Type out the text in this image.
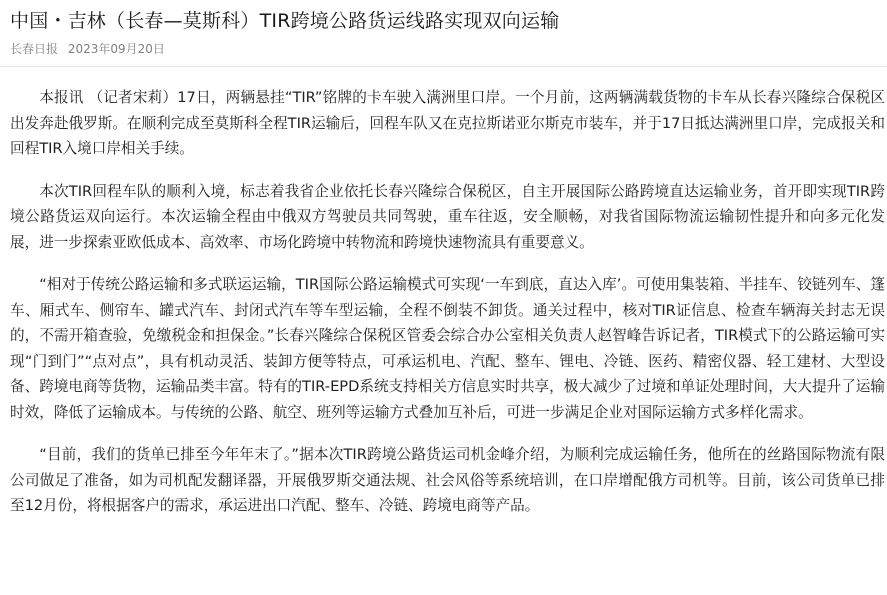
中国・吉林（长春—莫斯科）TIR跨境公路货运线路实现双向运输
长春日报 2023年09月20日

本报讯 （记者宋莉）17日，两辆悬挂“TIR”铭牌的卡车驶入满洲里口岸。一个月前，这两辆满载货物的卡车从长春兴隆综合保税区出发奔赴俄罗斯。在顺利完成至莫斯科全程TIR运输后，回程车队又在克拉斯诺亚尔斯克市装车，并于17日抵达满洲里口岸，完成报关和回程TIR入境口岸相关手续。

本次TIR回程车队的顺利入境，标志着我省企业依托长春兴隆综合保税区，自主开展国际公路跨境直达运输业务，首开即实现TIR跨境公路货运双向运行。本次运输全程由中俄双方驾驶员共同驾驶，重车往返，安全顺畅，对我省国际物流运输韧性提升和向多元化发展，进一步探索亚欧低成本、高效率、市场化跨境中转物流和跨境快速物流具有重要意义。

“相对于传统公路运输和多式联运运输，TIR国际公路运输模式可实现‘一车到底，直达入库’。可使用集装箱、半挂车、铰链列车、篷车、厢式车、侧帘车、罐式汽车、封闭式汽车等车型运输，全程不倒装不卸货。通关过程中，核对TIR证信息、检查车辆海关封志无误的，不需开箱查验，免缴税金和担保金。”长春兴隆综合保税区管委会综合办公室相关负责人赵智峰告诉记者，TIR模式下的公路运输可实现“门到门”“点对点”，具有机动灵活、装卸方便等特点，可承运机电、汽配、整车、锂电、冷链、医药、精密仪器、轻工建材、大型设备、跨境电商等货物，运输品类丰富。特有的TIR-EPD系统支持相关方信息实时共享，极大减少了过境和单证处理时间，大大提升了运输时效，降低了运输成本。与传统的公路、航空、班列等运输方式叠加互补后，可进一步满足企业对国际运输方式多样化需求。

“目前，我们的货单已排至今年年末了。”据本次TIR跨境公路货运司机金峰介绍，为顺利完成运输任务，他所在的丝路国际物流有限公司做足了准备，如为司机配发翻译器，开展俄罗斯交通法规、社会风俗等系统培训，在口岸增配俄方司机等。目前，该公司货单已排至12月份，将根据客户的需求，承运进出口汽配、整车、冷链、跨境电商等产品。
